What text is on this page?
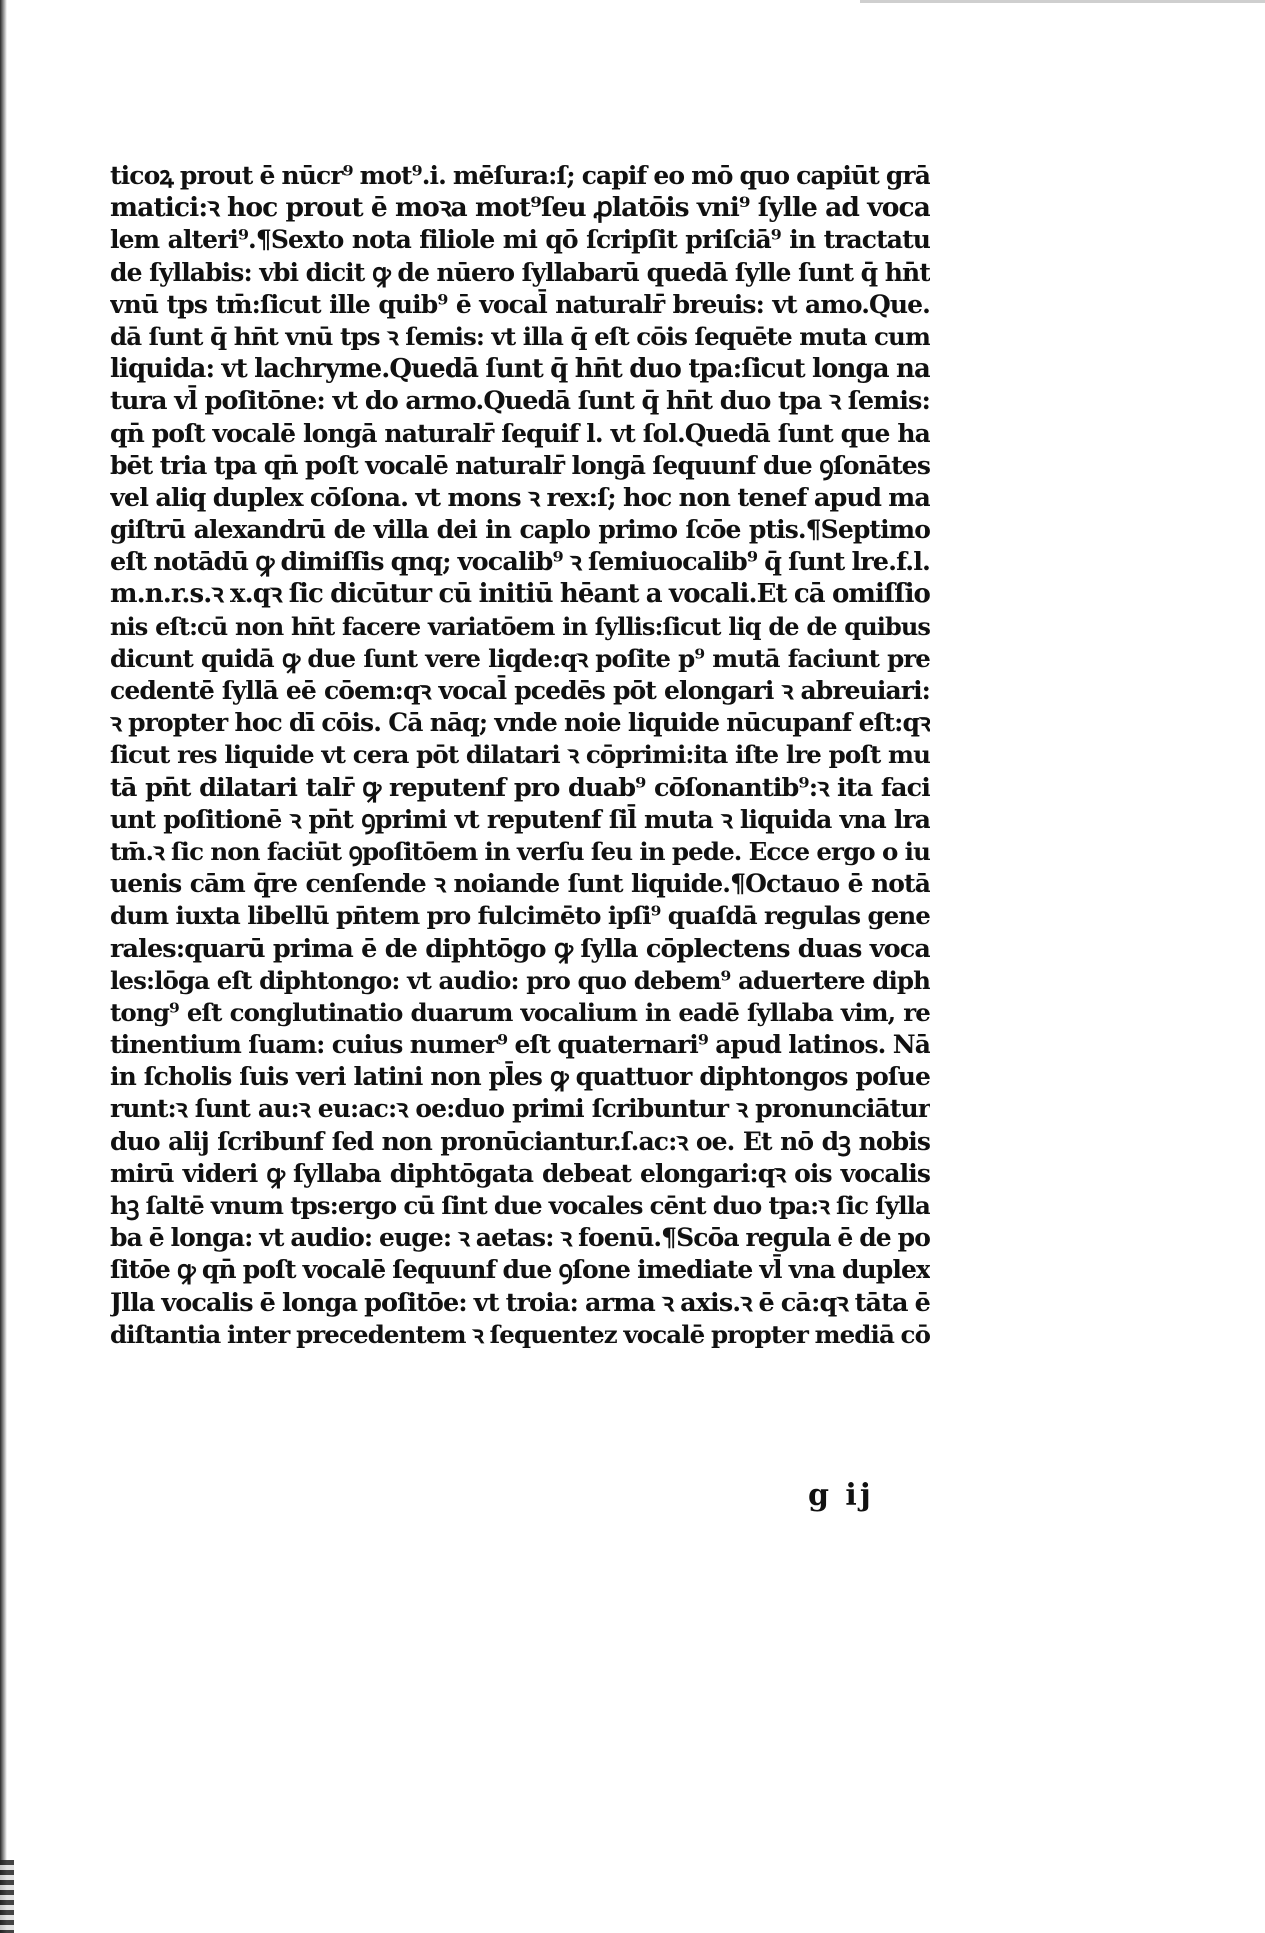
ticoꝝ prout ē nūcr⁹ mot⁹.i. mēſura:ſ; capif eo mō quo capiūt grā
matici:ꝛ hoc prout ē moꝛa mot⁹ſeu ꝓlatōis vni⁹ ſylle ad voca
lem alteri⁹.¶Sexto nota filiole mi qō ſcripſit priſciā⁹ in tractatu
de ſyllabis: vbi dicit ꝙ de nūero ſyllabarū quedā ſylle ſunt q̄ hn̄t
vnū tps tm̄:ſicut ille quib⁹ ē vocal̄ naturalr̄ breuis: vt amo.Que.
dā ſunt q̄ hn̄t vnū tps ꝛ ſemis: vt illa q̄ eſt cōis ſequēte muta cum
liquida: vt lachryme.Quedā ſunt q̄ hn̄t duo tpa:ſicut longa na
tura vl̄ poſitōne: vt do armo.Quedā ſunt q̄ hn̄t duo tpa ꝛ ſemis:
qn̄ poſt vocalē longā naturalr̄ ſequif l. vt ſol.Quedā ſunt que ha
bēt tria tpa qn̄ poſt vocalē naturalr̄ longā ſequunf due ꝯſonātes
vel aliq duplex cōſona. vt mons ꝛ rex:ſ; hoc non tenef apud ma
giſtrū alexandrū de villa dei in caplo primo ſcōe ptis.¶Septimo
eſt notādū ꝙ dimiſſis qnq; vocalib⁹ ꝛ ſemiuocalib⁹ q̄ ſunt lre.f.l.
m.n.r.s.ꝛ x.qꝛ ſic dicūtur cū initiū hēant a vocali.Et cā omiſſio
nis eſt:cū non hn̄t facere variatōem in ſyllis:ſicut liq de de quibus
dicunt quidā ꝙ due ſunt vere liqde:qꝛ poſite p⁹ mutā faciunt pre
cedentē ſyllā eē cōem:qꝛ vocal̄ pcedēs pōt elongari ꝛ abreuiari:
ꝛ propter hoc dī cōis. Cā nāq; vnde noie liquide nūcupanf eſt:qꝛ
ſicut res liquide vt cera pōt dilatari ꝛ cōprimi:ita iſte lre poſt mu
tā pn̄t dilatari talr̄ ꝙ reputenf pro duab⁹ cōſonantib⁹:ꝛ ita faci
unt poſitionē ꝛ pn̄t ꝯprimi vt reputenf ſil̄ muta ꝛ liquida vna lra
tm̄.ꝛ ſic non faciūt ꝯpoſitōem in verſu ſeu in pede. Ecce ergo o iu
uenis cām q̄re cenſende ꝛ noiande ſunt liquide.¶Octauo ē notā
dum iuxta libellū pn̄tem pro fulcimēto ipſi⁹ quaſdā regulas gene
rales:quarū prima ē de diphtōgo ꝙ ſylla cōplectens duas voca
les:lōga eſt diphtongo: vt audio: pro quo debem⁹ aduertere diph
tong⁹ eſt conglutinatio duarum vocalium in eadē ſyllaba vim, re
tinentium ſuam: cuius numer⁹ eſt quaternari⁹ apud latinos. Nā
in ſcholis ſuis veri latini non pl̄es ꝙ quattuor diphtongos poſue
runt:ꝛ ſunt au:ꝛ eu:ac:ꝛ oe:duo primi ſcribuntur ꝛ pronunciātur
duo alij ſcribunf ſed non pronūciantur.ſ.ac:ꝛ oe. Et nō dꝫ nobis
mirū videri ꝙ ſyllaba diphtōgata debeat elongari:qꝛ ois vocalis
hꝫ ſaltē vnum tps:ergo cū ſint due vocales cēnt duo tpa:ꝛ ſic ſylla
ba ē longa: vt audio: euge: ꝛ aetas: ꝛ foenū.¶Scōa regula ē de po
ſitōe ꝙ qn̄ poſt vocalē ſequunf due ꝯſone imediate vl̄ vna duplex
Jlla vocalis ē longa poſitōe: vt troia: arma ꝛ axis.ꝛ ē cā:qꝛ tāta ē
diſtantia inter precedentem ꝛ ſequentez vocalē propter mediā cō
g ij
